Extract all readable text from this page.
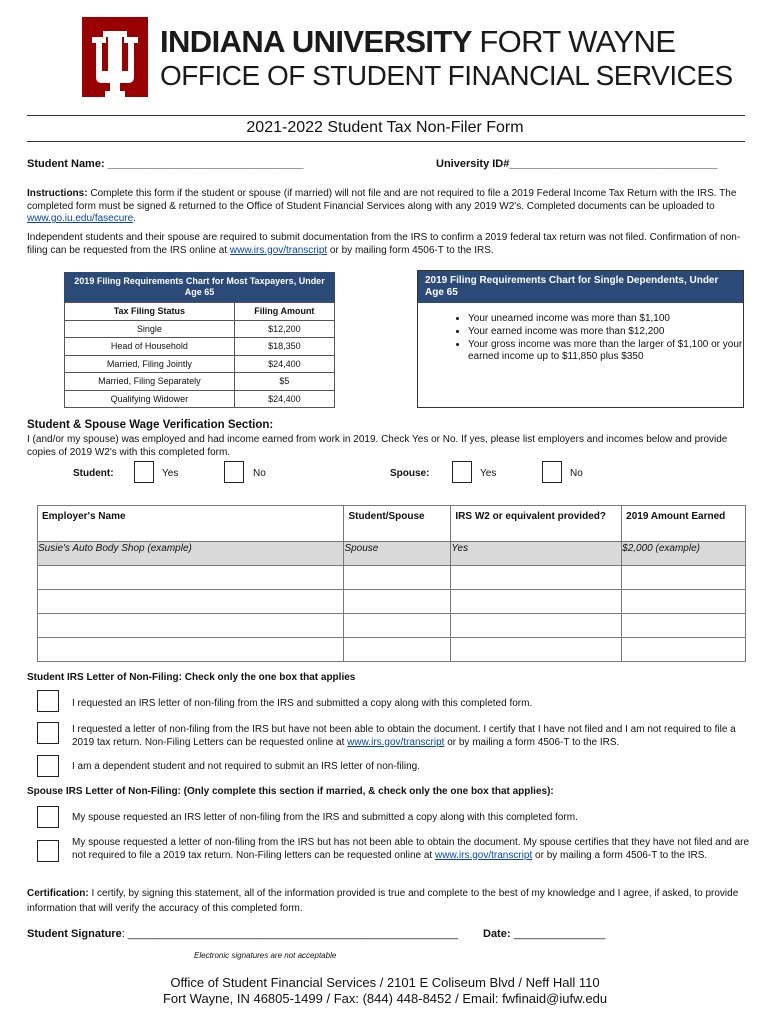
INDIANA UNIVERSITY FORT WAYNE
OFFICE OF STUDENT FINANCIAL SERVICES
2021-2022 Student Tax Non-Filer Form
Student Name: ________________________________	University ID#__________________________________
Instructions: Complete this form if the student or spouse (if married) will not file and are not required to file a 2019 Federal Income Tax Return with the IRS. The completed form must be signed & returned to the Office of Student Financial Services along with any 2019 W2's. Completed documents can be uploaded to www.go.iu.edu/fasecure.
Independent students and their spouse are required to submit documentation from the IRS to confirm a 2019 federal tax return was not filed. Confirmation of non-filing can be requested from the IRS online at www.irs.gov/transcript or by mailing form 4506-T to the IRS.
2019 Filing Requirements Chart for Most Taxpayers, Under Age 65
Tax Filing Status	Filing Amount
Single	$12,200
Head of Household	$18,350
Married, Filing Jointly	$24,400
Married, Filing Separately	$5
Qualifying Widower	$24,400
2019 Filing Requirements Chart for Single Dependents, Under Age 65
• Your unearned income was more than $1,100
• Your earned income was more than $12,200
• Your gross income was more than the larger of $1,100 or your earned income up to $11,850 plus $350
Student & Spouse Wage Verification Section:
I (and/or my spouse) was employed and had income earned from work in 2019. Check Yes or No. If yes, please list employers and incomes below and provide copies of 2019 W2's with this completed form.
Student:	Yes	No	Spouse:	Yes	No
Employer's Name	Student/Spouse	IRS W2 or equivalent provided?	2019 Amount Earned
Susie's Auto Body Shop (example)	Spouse	Yes	$2,000 (example)

Student IRS Letter of Non-Filing: Check only the one box that applies
I requested an IRS letter of non-filing from the IRS and submitted a copy along with this completed form.
I requested a letter of non-filing from the IRS but have not been able to obtain the document. I certify that I have not filed and I am not required to file a 2019 tax return. Non-Filing Letters can be requested online at www.irs.gov/transcript or by mailing a form 4506-T to the IRS.
I am a dependent student and not required to submit an IRS letter of non-filing.
Spouse IRS Letter of Non-Filing: (Only complete this section if married, & check only the one box that applies):
My spouse requested an IRS letter of non-filing from the IRS and submitted a copy along with this completed form.
My spouse requested a letter of non-filing from the IRS but has not been able to obtain the document. My spouse certifies that they have not filed and are not required to file a 2019 tax return. Non-Filing letters can be requested online at www.irs.gov/transcript or by mailing a form 4506-T to the IRS.
Certification: I certify, by signing this statement, all of the information provided is true and complete to the best of my knowledge and I agree, if asked, to provide information that will verify the accuracy of this completed form.
Student Signature: ______________________________________________________ Date: _______________
Electronic signatures are not acceptable
Office of Student Financial Services / 2101 E Coliseum Blvd / Neff Hall 110
Fort Wayne, IN 46805-1499 / Fax: (844) 448-8452 / Email: fwfinaid@iufw.edu
